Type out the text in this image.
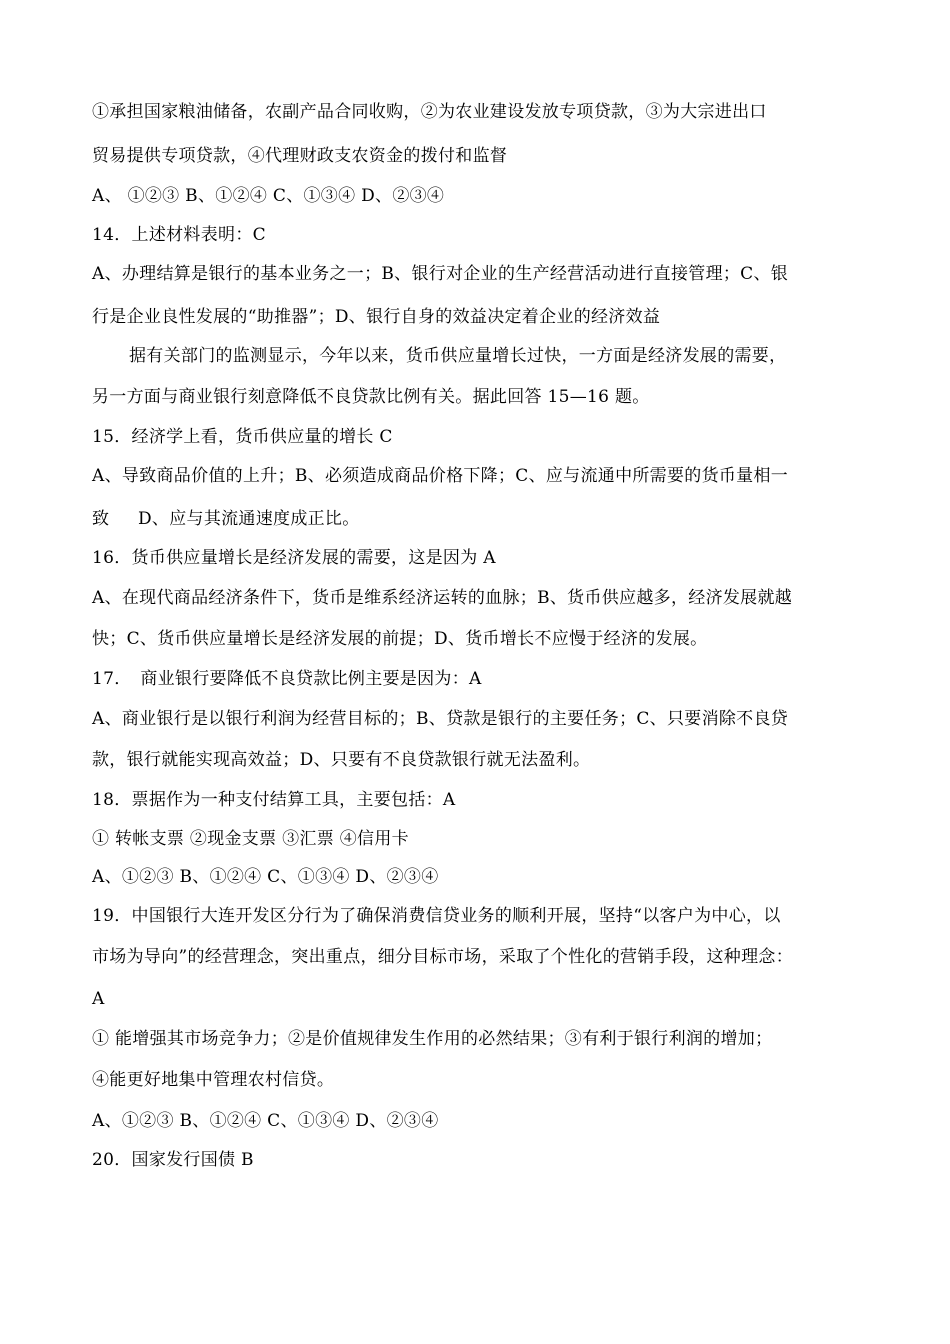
①承担国家粮油储备，农副产品合同收购，②为农业建设发放专项贷款，③为大宗进出口
贸易提供专项贷款，④代理财政支农资金的拨付和监督
A、 ①②③ B、①②④ C、①③④ D、②③④
14．上述材料表明：C
A、办理结算是银行的基本业务之一；B、银行对企业的生产经营活动进行直接管理；C、银
行是企业良性发展的“助推器”；D、银行自身的效益决定着企业的经济效益
据有关部门的监测显示，今年以来，货币供应量增长过快，一方面是经济发展的需要，
另一方面与商业银行刻意降低不良贷款比例有关。据此回答 15—16 题。
15．经济学上看，货币供应量的增长 C
A、导致商品价值的上升；B、必须造成商品价格下降；C、应与流通中所需要的货币量相一
致 　 D、应与其流通速度成正比。
16．货币供应量增长是经济发展的需要，这是因为 A
A、在现代商品经济条件下，货币是维系经济运转的血脉；B、货币供应越多，经济发展就越
快；C、货币供应量增长是经济发展的前提；D、货币增长不应慢于经济的发展。
17．　商业银行要降低不良贷款比例主要是因为：A
A、商业银行是以银行利润为经营目标的；B、贷款是银行的主要任务；C、只要消除不良贷
款，银行就能实现高效益；D、只要有不良贷款银行就无法盈利。
18．票据作为一种支付结算工具，主要包括：A
① 转帐支票 ②现金支票 ③汇票 ④信用卡
A、①②③ B、①②④ C、①③④ D、②③④
19．中国银行大连开发区分行为了确保消费信贷业务的顺利开展，坚持“以客户为中心，以
市场为导向”的经营理念，突出重点，细分目标市场，采取了个性化的营销手段，这种理念：
A
① 能增强其市场竞争力；②是价值规律发生作用的必然结果；③有利于银行利润的增加；
④能更好地集中管理农村信贷。
A、①②③ B、①②④ C、①③④ D、②③④
20．国家发行国债 B
